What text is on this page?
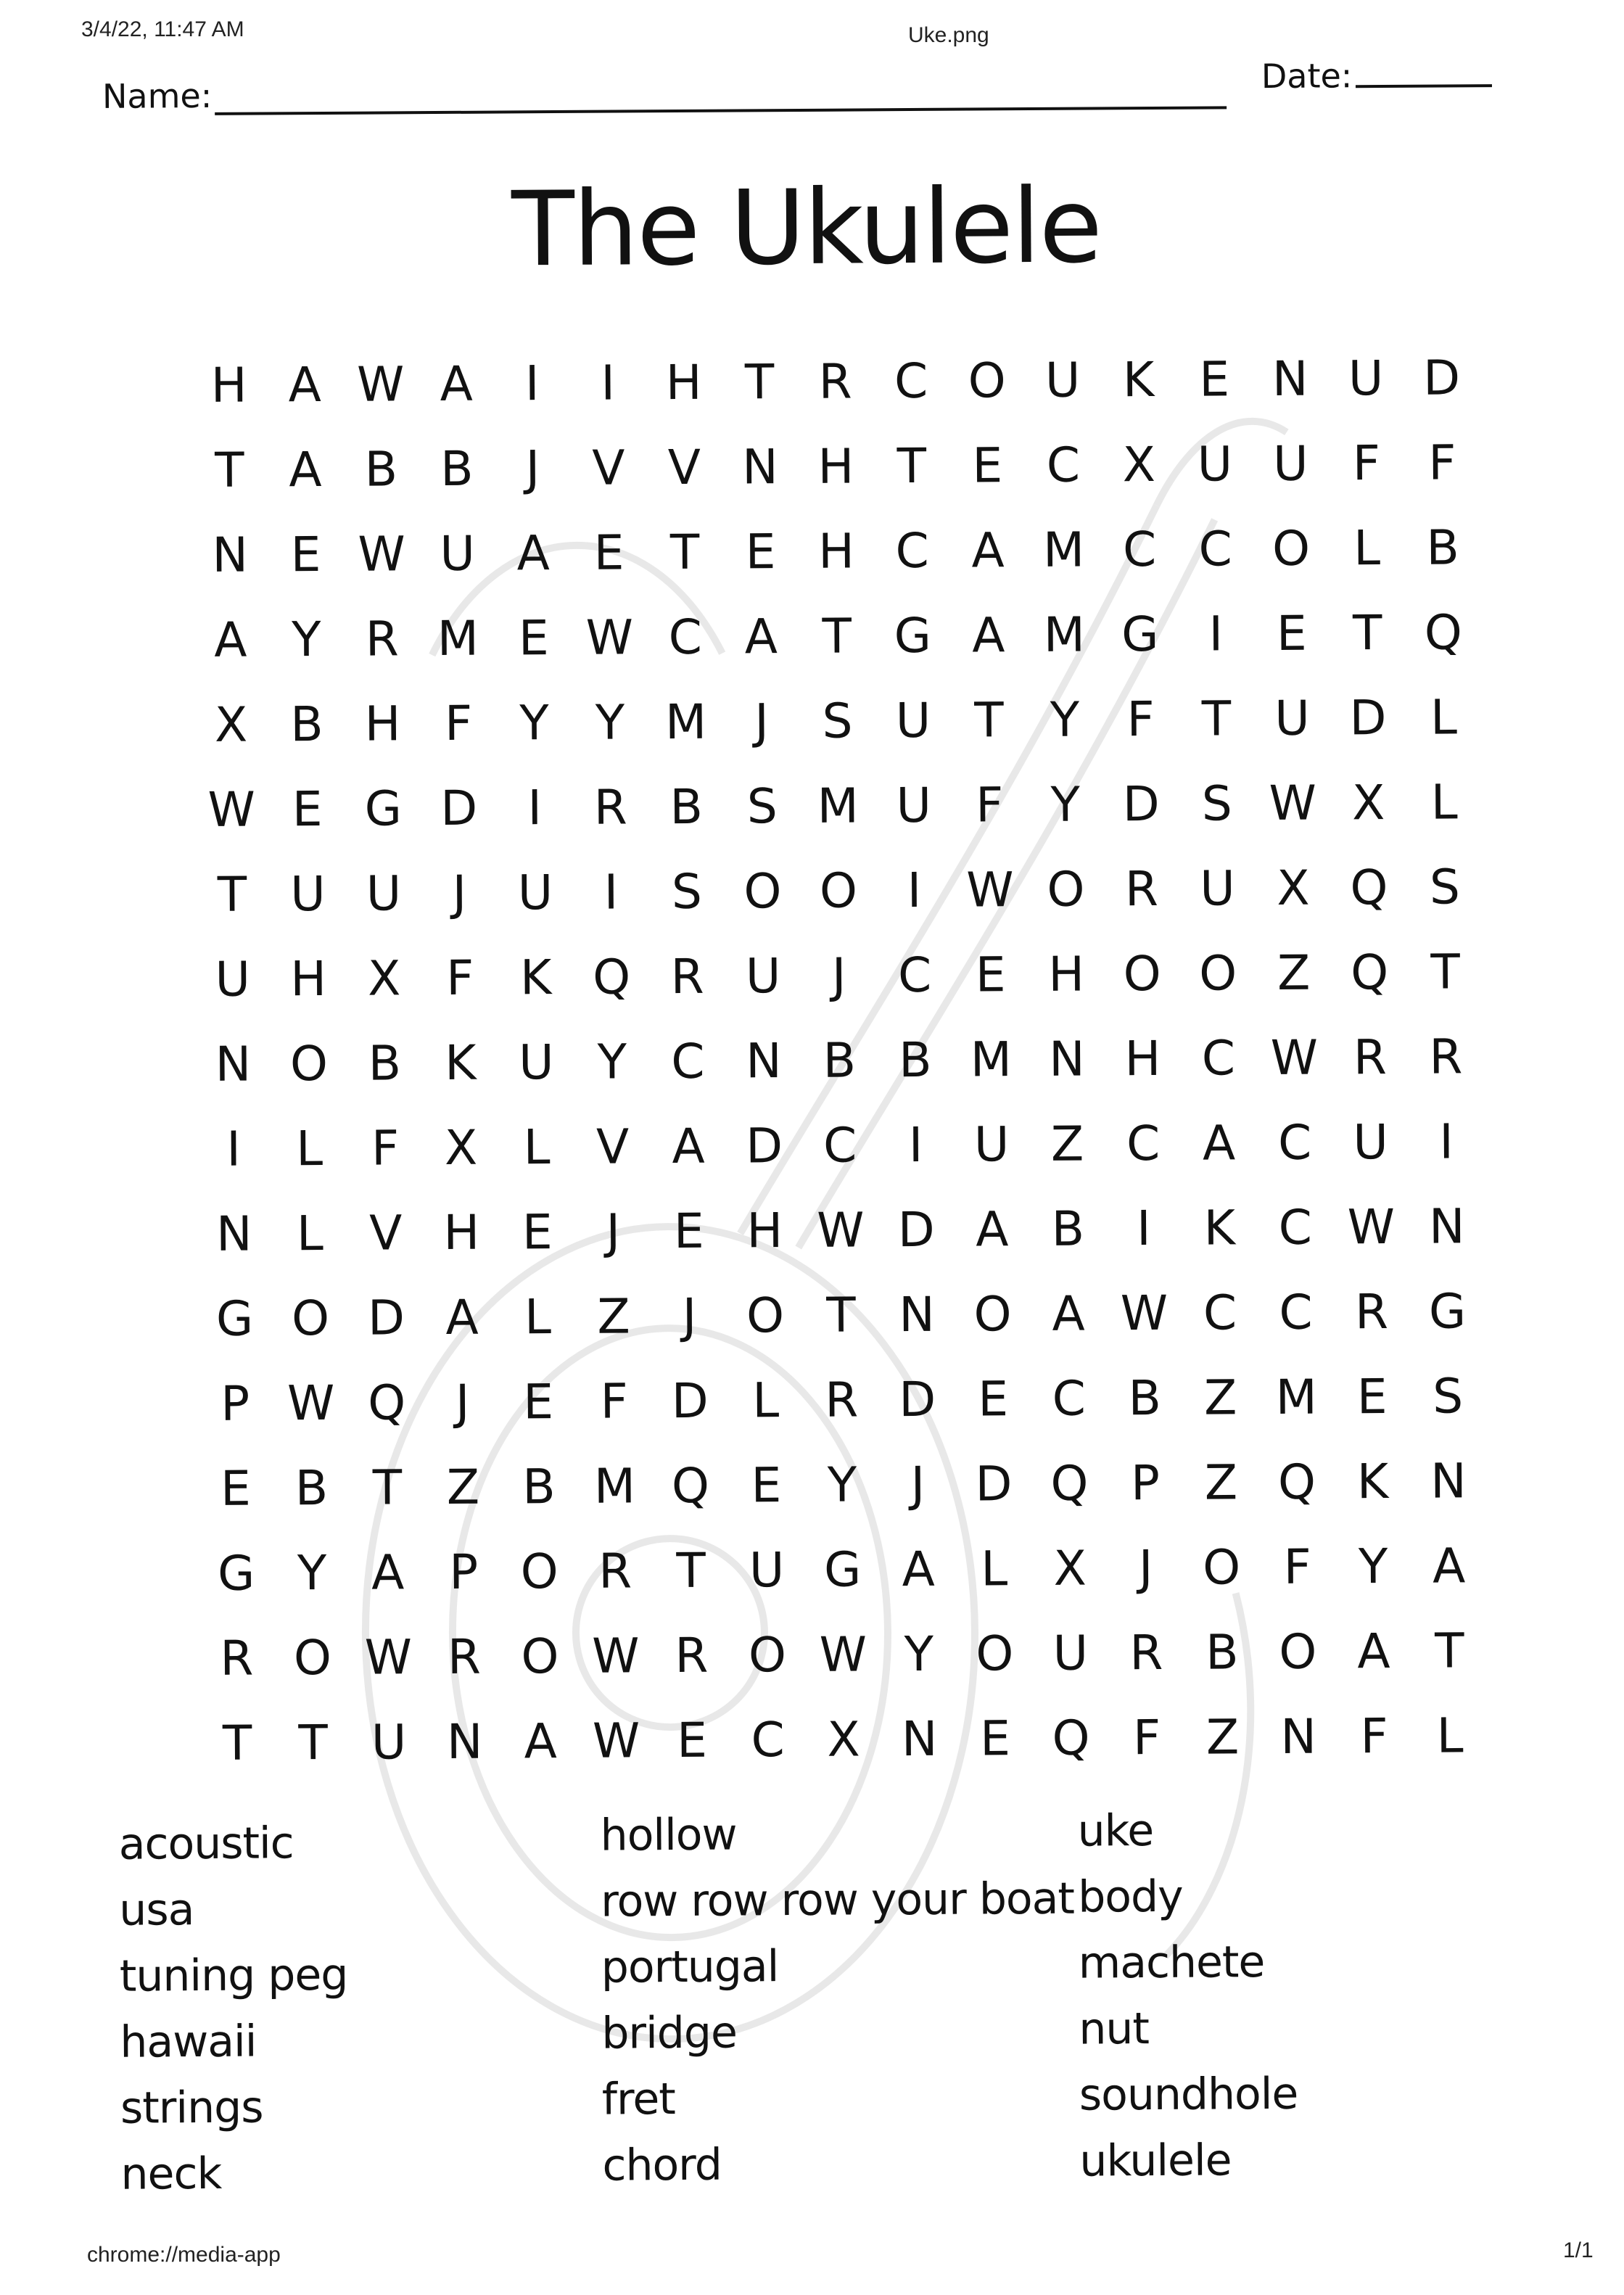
3/4/22, 11:47 AM	Uke.png
Name:
Date:
The Ukulele
H A W A	I	I	H T R C O U K E N U D
T A B B	J	V V N H T E C X U U F	F
N E W U A E T E H C A M C C O L B
A Y R M E W C A T G A M G	I	E T Q
X B H F Y Y M J	S U T Y F T U D L
W E G D	I	R B S M U F Y D S W X L
T U U	J	U	I	S O O	I W O R U X Q S
U H X F K Q R U	J	C E H O O Z Q T
N O B K U Y C N B B M N H C W R R
I	L	F X L V A D C	I	U Z C A C U	I
N L V H E	J	E H W D A B	I	K C W N
G O D A L Z	J	O T N O A W C C R G
P W Q	J	E F D L R D E C B Z M E S
E B T Z B M Q E Y	J	D Q P Z Q K N
G Y A P O R T U G A L X	J	O F Y A
R O W R O W R O W Y O U R B O A T
T T U N A W E C X N E Q F Z N F	L
acoustic
usa
tuning peg
hawaii
strings
neck
hollow
row row row your boat
portugal
bridge
fret
chord
uke
body
machete
nut
soundhole
ukulele
chrome://media-app	1/1
